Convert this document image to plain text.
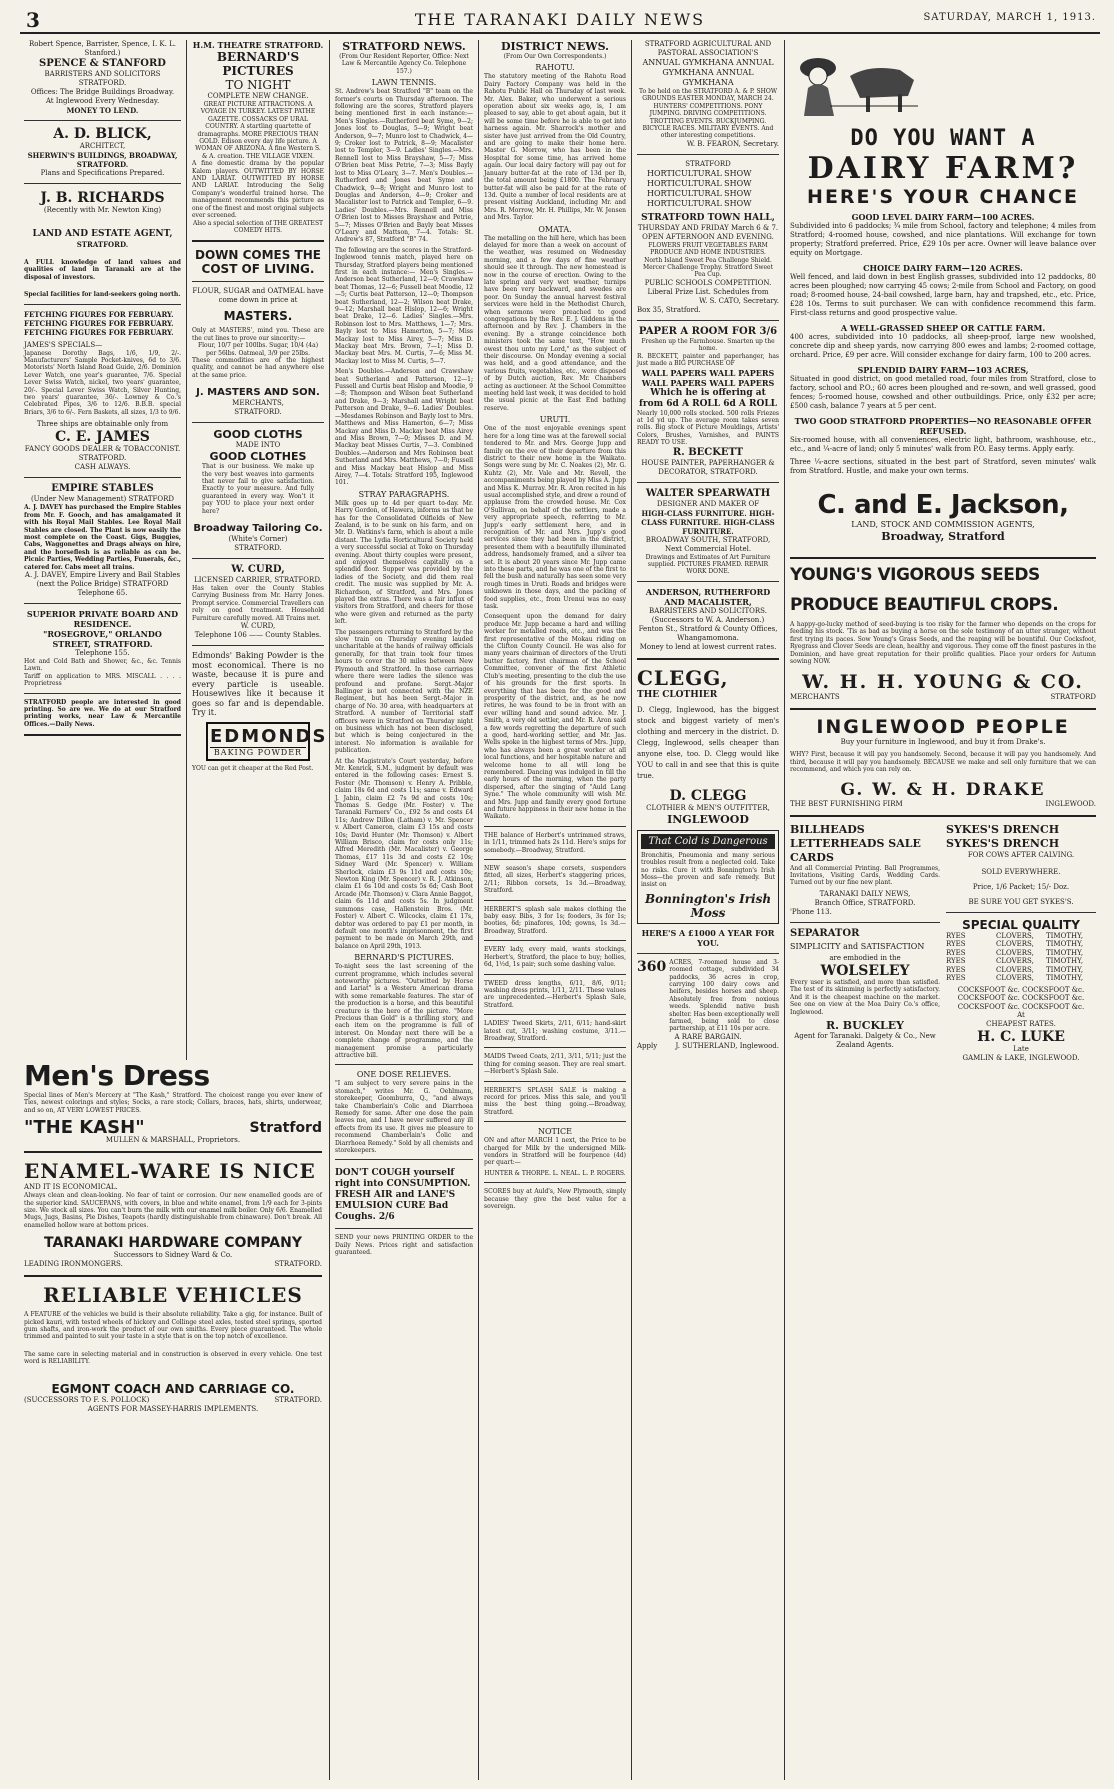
3	THE TARANAKI DAILY NEWS	SATURDAY, MARCH 1, 1913.
Robert Spence, Barrister, Spence, I. K. L. Stanford.)
SPENCE & STANFORD
BARRISTERS AND SOLICITORS
STRATFORD.
Offices: The Bridge Buildings Broadway.
At Inglewood Every Wednesday.
MONEY TO LEND.
A. D. BLICK,
ARCHITECT,
SHERWIN'S BUILDINGS, BROADWAY, STRATFORD.
Plans and Specifications Prepared.
J. B. RICHARDS
(Recently with Mr. Newton King)
LAND AND ESTATE AGENT,
STRATFORD.
A FULL knowledge of land values and qualities of land in Taranaki are at the disposal of investors.
Special facilities for land-seekers going north.
FETCHING FIGURES FOR FEBRUARY.
FETCHING FIGURES FOR FEBRUARY.
FETCHING FIGURES FOR FEBRUARY.
JAMES'S SPECIALS—
Japanese Dorothy Bags, 1/6, 1/9, 2/-. Manufacturers' Sample Pocket-knives, 6d to 3/6. Motorists' North Island Road Guide, 2/6. Dominion Lever Watch, one year's guarantee, 7/6. Special Lever Swiss Watch, nickel, two years' guarantee, 20/-. Special Lever Swiss Watch, Silver Hunting, two years' guarantee, 36/-. Lowney & Co.'s Celebrated Pipes, 3/6 to 12/6. B.B.B. special Briars, 3/6 to 6/-. Fern Baskets, all sizes, 1/3 to 9/6.
Three ships are obtainable only from
C. E. JAMES
FANCY GOODS DEALER & TOBACCONIST.
STRATFORD.
CASH ALWAYS.
EMPIRE STABLES
(Under New Management) STRATFORD
A. J. DAVEY has purchased the Empire Stables from Mr. F. Gooch, and has amalgamated it with his Royal Mail Stables. Lee Royal Mail Stables are closed. The Plant is now easily the most complete on the Coast. Gigs, Buggies, Cabs, Waggonettes and Drags always on hire, and the horseflesh is as reliable as can be. Picnic Parties, Wedding Parties, Funerals, &c., catered for. Cabs meet all trains.
A. J. DAVEY, Empire Livery and Bail Stables (next the Police Bridge) STRATFORD Telephone 65.
SUPERIOR PRIVATE BOARD AND RESIDENCE.
"ROSEGROVE," ORLANDO STREET, STRATFORD.
Telephone 155.
Hot and Cold Bath and Shower, &c., &c. Tennis Lawn.
Tariff on application to MRS. MISCALL . . . . Proprietress
STRATFORD people are interested in good printing. So are we. We do at our Stratford printing works, near Law & Mercantile Offices.—Daily News.
Men's Dress
Special lines of Men's Mercery at "The Kash," Stratford. The choicest range you ever knew of Ties, newest colorings and styles; Socks, a rare stock; Collars, braces, hats, shirts, underwear, and so on, AT VERY LOWEST PRICES.
"THE KASH"	Stratford
MULLEN & MARSHALL, Proprietors.
ENAMEL-WARE IS NICE
AND IT IS ECONOMICAL.
Always clean and clean-looking. No fear of taint or corrosion. Our new enamelled goods are of the superior kind. SAUCEPANS, with covers, in blue and white enamel, from 1/9 each for 3-pints size. We stock all sizes. You can't burn the milk with our enamel milk boiler. Only 6/6. Enamelled Mugs, Jugs, Basins, Pie Dishes, Teapots (hardly distinguishable from chinaware). Don't break. All enamelled hollow ware at bottom prices.
TARANAKI HARDWARE COMPANY
Successors to Sidney Ward & Co.
LEADING IRONMONGERS.	STRATFORD.
RELIABLE VEHICLES
A FEATURE of the vehicles we build is their absolute reliability. Take a gig, for instance. Built of picked kauri, with tested wheels of hickory and Collinge steel axles, tested steel springs, sported gum shafts, and iron-work the product of our own smiths. Every piece guaranteed. The whole trimmed and painted to suit your taste in a style that is on the top notch of excellence.
The same care in selecting material and in construction is observed in every vehicle. One test word is RELIABILITY.
EGMONT COACH AND CARRIAGE CO.
(SUCCESSORS TO F. S. POLLOCK)	STRATFORD.
AGENTS FOR MASSEY-HARRIS IMPLEMENTS.
H.M. THEATRE STRATFORD.
BERNARD'S PICTURES
TO NIGHT
COMPLETE NEW CHANGE.
GREAT PICTURE ATTRACTIONS. A VOYAGE IN TURKEY. LATEST PATHE GAZETTE. COSSACKS OF URAL COUNTRY. A startling quartette of dramagraphs. MORE PRECIOUS THAN GOLD. Edison every day life picture. A WOMAN OF ARIZONA. A fine Western S. & A. creation. THE VILLAGE VIXEN.
A fine domestic drama by the popular Kalem players. OUTWITTED BY HORSE AND LARIAT. OUTWITTED BY HORSE AND LARIAT. Introducing the Selig Company's wonderful trained horse. The management recommends this picture as one of the finest and most original subjects ever screened.
Also a special selection of THE GREATEST COMEDY HITS.
DOWN COMES THE COST OF LIVING.
FLOUR, SUGAR and OATMEAL have come down in price at
MASTERS.
Only at MASTERS', mind you. These are the cut lines to prove our sincerity:—
Flour, 10/7 per 100lbs. Sugar, 10/4 (4a) per 56lbs. Oatmeal, 3/9 per 25lbs.
These commodities are of the highest quality, and cannot be had anywhere else at the same price.
J. MASTERS AND SON.
MERCHANTS,
STRATFORD.
GOOD CLOTHS
MADE INTO
GOOD CLOTHES
That is our business. We make up the very best weaves into garments that never fail to give satisfaction. Exactly to your measure. And fully guaranteed in every way. Won't it pay YOU to place your next order here?
Broadway Tailoring Co.
(White's Corner)
STRATFORD.
W. CURD,
LICENSED CARRIER, STRATFORD.
Has taken over the County Stables Carrying Business from Mr. Harry Jones. Prompt service. Commercial Travellers can rely on good treatment. Household Furniture carefully moved. All Trains met.
W. CURD,
Telephone 106 —— County Stables.
Edmonds' Baking Powder is the most economical. There is no waste, because it is pure and every particle is useable. Housewives like it because it goes so far and is dependable. Try it.
EDMONDS
BAKING POWDER
YOU can get it cheaper at the Red Post.
STRATFORD NEWS.
(From Our Resident Reporter, Office: Next Law & Mercantile Agency Co. Telephone 157.)
LAWN TENNIS.
St. Andrew's beat Stratford "B" team on the former's courts on Thursday afternoon. The following are the scores, Stratford players being mentioned first in each instance:— Men's Singles.—Rutherford beat Syme, 9—2; Jones lost to Douglas, 5—9; Wright beat Anderson, 9—7; Munro lost to Chadwick, 4—9; Croker lost to Patrick, 8—9; Macalister lost to Templer, 3—9. Ladies' Singles.—Mrs. Rennell lost to Miss Brayshaw, 5—7; Miss O'Brien beat Miss Petrie, 7—3; Miss Bayly lost to Miss O'Leary, 3—7. Men's Doubles.—Rutherford and Jones beat Syme and Chadwick, 9—8; Wright and Munro lost to Douglas and Anderson, 4—9; Croker and Macalister lost to Patrick and Templer, 6—9. Ladies' Doubles.—Mrs. Rennell and Miss O'Brien lost to Misses Brayshaw and Petrie, 5—7; Misses O'Brien and Bayly beat Misses O'Leary and Mattson, 7—4. Totals: St. Andrew's 87, Stratford "B" 74.
The following are the scores in the Stratford-Inglewood tennis match, played here on Thursday, Stratford players being mentioned first in each instance:— Men's Singles.—Anderson beat Sutherland, 12—0; Crawshaw beat Thomas, 12—6; Fussell beat Moodie, 12—5; Curtis beat Patterson, 12—0; Thompson beat Sutherland, 12—2; Wilson beat Drake, 9—12; Marshall beat Hislop, 12—6; Wright beat Drake, 12—6. Ladies' Singles.—Mrs. Robinson lost to Mrs. Matthews, 1—7; Mrs. Bayly lost to Miss Hamerton, 5—7; Miss Mackay lost to Miss Airey, 5—7; Miss D. Mackay beat Mrs. Brown, 7—1; Miss D. Mackay beat Mrs. M. Curtis, 7—6; Miss M. Mackay lost to Miss M. Curtis, 5—7.
Men's Doubles.—Anderson and Crawshaw beat Sutherland and Patterson, 12—1; Fussell and Curtis beat Hislop and Moodie, 9—8; Thompson and Wilson beat Sutherland and Drake, 9—3; Marshall and Wright beat Patterson and Drake, 9—6. Ladies' Doubles.—Mesdames Robinson and Bayly lost to Mrs. Matthews and Miss Hamerton, 6—7; Miss Mackay and Miss D. Mackay beat Miss Airey and Miss Brown, 7—0; Misses D. and M. Mackay beat Misses Curtis, 7—3. Combined Doubles.—Anderson and Mrs Robinson beat Sutherland and Mrs. Matthews, 7—0; Fussell and Miss Mackay beat Hislop and Miss Airey, 7—4. Totals: Stratford 195, Inglewood 101.
STRAY PARAGRAPHS.
Milk goes up to 4d per quart to-day. Mr. Harry Gordon, of Hawera, informs us that he has for the Consolidated Oilfields of New Zealand, is to be sunk on his farm, and on Mr. D. Watkins's farm, which is about a mile distant. The Lydia Horticultural Society held a very successful social at Toko on Thursday evening. About thirty couples were present, and enjoyed themselves capitally on a splendid floor. Supper was provided by the ladies of the Society, and did them real credit. The music was supplied by Mr. A. Richardson, of Stratford, and Mrs. Jones played the extras. There was a fair influx of visitors from Stratford, and cheers for those who were given and returned as the party left.
The passengers returning to Stratford by the slow train on Thursday evening lauded uncharitable at the hands of railway officials generally, for that train took four times hours to cover the 30 miles between New Plymouth and Stratford. In those carriages where there were ladies the silence was profound and profane. Sergt.-Major Ballinger is not connected with the NZE Regiment, but has been Sergt.-Major in charge of No. 30 area, with headquarters at Stratford. A number of Territorial staff officers were in Stratford on Thursday night on business which has not been disclosed, but which is being conjectured in the interest. No information is available for publication.
At the Magistrate's Court yesterday, before Mr. Kenrick, S.M., judgment by default was entered in the following cases: Ernest S. Foster (Mr. Thomson) v. Henry A. Pribble, claim 18s 6d and costs 11s; same v. Edward J. Jabin, claim £2 7s 9d and costs 10s; Thomas S. Gedge (Mr. Foster) v. The Taranaki Farmers' Co., £92 5s and costs £4 11s; Andrew Dillon (Latham) v. Mr. Spencer v. Albert Cameron, claim £3 15s and costs 10s; David Hunter (Mr. Thomson) v. Albert William Brisco, claim for costs only 11s; Alfred Meredith (Mr. Macalister) v. George Thomas, £17 11s 3d and costs £2 10s; Sidney Ward (Mr. Spencer) v. William Sherlock, claim £3 9s 11d and costs 10s; Newton King (Mr. Spencer) v. R. J. Atkinson, claim £1 6s 10d and costs 5s 6d; Cash Boot Arcade (Mr. Thomson) v. Clara Annie Baggot, claim 6s 11d and costs 5s. In judgment summons case, Hallenstein Bros. (Mr. Foster) v. Albert C. Wilcocks, claim £1 17s, debtor was ordered to pay £1 per month, in default one month's imprisonment, the first payment to be made on March 29th, and balance on April 29th, 1913.
BERNARD'S PICTURES.
To-night sees the last screening of the current programme, which includes several noteworthy pictures. "Outwitted by Horse and Lariat" is a Western American drama with some remarkable features. The star of the production is a horse, and this beautiful creature is the hero of the picture. "More Precious than Gold" is a thrilling story, and each item on the programme is full of interest. On Monday next there will be a complete change of programme, and the management promise a particularly attractive bill.
ONE DOSE RELIEVES.
"I am subject to very severe pains in the stomach," writes Mr. G. Oehlmann, storekeeper, Goomburra, Q., "and always take Chamberlain's Colic and Diarrhoea Remedy for same. After one dose the pain leaves me, and I have never suffered any ill effects from its use. It gives me pleasure to recommend Chamberlain's Colic and Diarrhoea Remedy." Sold by all chemists and storekeepers.
DON'T COUGH yourself right into CONSUMPTION.
FRESH AIR and LANE'S EMULSION CURE Bad Coughs. 2/6
SEND your news PRINTING ORDER to the Daily News. Prices right and satisfaction guaranteed.
DISTRICT NEWS.
(From Our Own Correspondents.)
RAHOTU.
The statutory meeting of the Rahotu Road Dairy Factory Company was held in the Rahotu Public Hall on Thursday of last week. Mr. Alex. Baker, who underwent a serious operation about six weeks ago, is, I am pleased to say, able to get about again, but it will be some time before he is able to get into harness again. Mr. Sharrock's mother and sister have just arrived from the Old Country, and are going to make their home here. Master G. Morrow, who has been in the Hospital for some time, has arrived home again. Our local dairy factory will pay out for January butter-fat at the rate of 13d per lb, the total amount being £1800. The February butter-fat will also be paid for at the rate of 13d. Quite a number of local residents are at present visiting Auckland, including Mr. and Mrs. R. Morrow, Mr. H. Phillips, Mr. W. Jensen and Mrs. Taylor.
OMATA.
The metalling on the hill here, which has been delayed for more than a week on account of the weather, was resumed on Wednesday morning, and a few days of fine weather should see it through. The new homestead is now in the course of erection. Owing to the late spring and very wet weather, turnips have been very backward, and swedes are poor. On Sunday the annual harvest festival services were held in the Methodist Church, when sermons were preached to good congregations by the Rev. E. J. Giddens in the afternoon and by Rev. J. Chambers in the evening. By a strange coincidence both ministers took the same text, "How much owest thou unto my Lord," as the subject of their discourse. On Monday evening a social was held, and a good attendance, and the various fruits, vegetables, etc., were disposed of by Dutch auction, Rev. Mr. Chambers acting as auctioneer. At the School Committee meeting held last week, it was decided to hold the usual picnic at the East End bathing reserve.
URUTI.
One of the most enjoyable evenings spent here for a long time was at the farewell social tendered to Mr. and Mrs. George Jupp and family on the eve of their departure from this district to their new home in the Waikato. Songs were sung by Mr. C. Noakes (2), Mr. G. Kuhtz (2), Mr. Vale and Mr. Revell, the accompaniments being played by Miss A. Jupp and Miss K. Murray. Mr. R. Aron recited in his usual accomplished style, and drew a round of applause from the crowded house. Mr. Cox O'Sullivan, on behalf of the settlers, made a very appropriate speech, referring to Mr. Jupp's early settlement here, and in recognition of Mr. and Mrs. Jupp's good services since they had been in the district, presented them with a beautifully illuminated address, handsomely framed, and a silver tea set. It is about 20 years since Mr. Jupp came into these parts, and he was one of the first to fell the bush and naturally has seen some very rough times in Uruti. Roads and bridges were unknown in those days, and the packing of food supplies, etc., from Urenui was no easy task.
Consequent upon the demand for dairy produce Mr. Jupp became a hard and willing worker for metalled roads, etc., and was the first representative of the Mokau riding on the Clifton County Council. He was also for many years chairman of directors of the Uruti butter factory, first chairman of the School Committee, convener of the first Athletic Club's meeting, presenting to the club the use of his grounds for the first sports. In everything that has been for the good and prosperity of the district, and, as he now retires, he was found to be in front with an ever willing hand and sound advice. Mr. J. Smith, a very old settler, and Mr. R. Aron said a few words regretting the departure of such a good, hard-working settler, and Mr. Jas. Wells spoke in the highest terms of Mrs. Jupp, who has always been a great worker at all local functions, and her hospitable nature and welcome home to all will long be remembered. Dancing was indulged in till the early hours of the morning, when the party dispersed, after the singing of "Auld Lang Syne." The whole community will wish Mr. and Mrs. Jupp and family every good fortune and future happiness in their new home in the Waikato.
THE balance of Herbert's untrimmed straws, in 1/11, trimmed hats 2s 11d. Here's snips for somebody.—Broadway, Stratford.
NEW season's shape corsets, suspenders fitted, all sizes, Herbert's staggering prices, 2/11; Ribbon corsets, 1s 3d.—Broadway, Stratford.
HERBERT'S splash sale makes clothing the baby easy. Bibs, 3 for 1s; fooders, 3s for 1s; booties, 6d; pinafores, 10d; gowns, 1s 3d.—Broadway, Stratford.
EVERY lady, every maid, wants stockings, Herbert's, Stratford, the place to buy; hollies, 6d, 1½d, 1s pair; such some dashing value.
TWEED dress lengths, 6/11, 8/6, 9/11; washing dress prints, 1/11, 2/11. These values are unprecedented.—Herbert's Splash Sale, Stratford.
LADIES' Tweed Skirts, 2/11, 6/11; hand-skirt latest cut, 3/11; washing costume, 3/11.—Broadway, Stratford.
MAIDS Tweed Coats, 2/11, 3/11, 5/11; just the thing for coming season. They are real smart.—Herbert's Splash Sale.
HERBERT'S SPLASH SALE is making a record for prices. Miss this sale, and you'll miss the best thing going.—Broadway, Stratford.
NOTICE
ON and after MARCH 1 next, the Price to be charged for Milk by the undersigned Milk-vendors in Stratford will be fourpence (4d) per quart:—
HUNTER & THORPE. L. NEAL. L. P. ROGERS.
SCORES buy at Auld's, New Plymouth, simply because they give the best value for a sovereign.
STRATFORD AGRICULTURAL AND PASTORAL ASSOCIATION'S
ANNUAL GYMKHANA ANNUAL GYMKHANA ANNUAL GYMKHANA
To be held on the STRATFORD A. & P. SHOW GROUNDS EASTER MONDAY, MARCH 24.
HUNTERS' COMPETITIONS. PONY JUMPING. DRIVING COMPETITIONS. TROTTING EVENTS. BUCKJUMPING. BICYCLE RACES. MILITARY EVENTS. And other interesting competitions.
W. B. FEARON, Secretary.
STRATFORD
HORTICULTURAL SHOW HORTICULTURAL SHOW HORTICULTURAL SHOW HORTICULTURAL SHOW
STRATFORD TOWN HALL,
THURSDAY AND FRIDAY March 6 & 7.
OPEN AFTERNOON AND EVENING.
FLOWERS FRUIT VEGETABLES FARM PRODUCE AND HOME INDUSTRIES.
North Island Sweet Pea Challenge Shield. Mercer Challenge Trophy. Stratford Sweet Pea Cup.
PUBLIC SCHOOLS COMPETITION.
Liberal Prize List. Schedules from
W. S. CATO, Secretary.
Box 35, Stratford.
PAPER A ROOM FOR 3/6
Freshen up the Farmhouse. Smarten up the home.
R. BECKETT, painter and paperhanger, has just made a BIG PURCHASE OF
WALL PAPERS WALL PAPERS WALL PAPERS WALL PAPERS
Which he is offering at from 6d A ROLL 6d A ROLL
Nearly 10,000 rolls stocked. 500 rolls Friezes at 1d yd up. The average room takes seven rolls. Big stock of Picture Mouldings, Artists' Colors, Brushes, Varnishes, and PAINTS READY TO USE.
R. BECKETT
HOUSE PAINTER, PAPERHANGER & DECORATOR, STRATFORD.
WALTER SPEARWATH
DESIGNER AND MAKER OF
HIGH-CLASS FURNITURE. HIGH-CLASS FURNITURE. HIGH-CLASS FURNITURE.
BROADWAY SOUTH, STRATFORD, Next Commercial Hotel.
Drawings and Estimates of Art Furniture supplied. PICTURES FRAMED. REPAIR WORK DONE.
ANDERSON, RUTHERFORD AND MACALISTER,
BARRISTERS AND SOLICITORS. (Successors to W. A. Anderson.)
Fenton St., Stratford & County Offices, Whangamomona.
Money to lend at lowest current rates.
CLEGG,
THE CLOTHIER
D. Clegg, Inglewood, has the biggest stock and biggest variety of men's clothing and mercery in the district. D. Clegg, Inglewood, sells cheaper than anyone else, too. D. Clegg would like YOU to call in and see that this is quite true.
D. CLEGG
CLOTHIER & MEN'S OUTFITTER,
INGLEWOOD
That Cold is Dangerous
Bronchitis, Pneumonia and many serious troubles result from a neglected cold. Take no risks. Cure it with Bonnington's Irish Moss—the proven and safe remedy. But insist on
Bonnington's Irish Moss
HERE'S A £1000 A YEAR FOR YOU.
360 ACRES, 7-roomed house and 3-roomed cottage, subdivided 34 paddocks, 36 acres in crop, carrying 100 dairy cows and heifers, besides horses and sheep. Absolutely free from noxious weeds. Splendid native bush shelter. Has been exceptionally well farmed, being sold to close partnership, at £11 10s per acre.
A RARE BARGAIN.
Apply	J. SUTHERLAND, Inglewood.
DO YOU WANT A
DAIRY FARM?
HERE'S YOUR CHANCE
GOOD LEVEL DAIRY FARM—100 ACRES.
Subdivided into 6 paddocks; ¾ mile from School, factory and telephone; 4 miles from Stratford; 4-roomed house, cowshed, and nice plantations. Will exchange for town property; Stratford preferred. Price, £29 10s per acre. Owner will leave balance over equity on Mortgage.
CHOICE DAIRY FARM—120 ACRES.
Well fenced, and laid down in best English grasses, subdivided into 12 paddocks, 80 acres been ploughed; now carrying 45 cows; 2-mile from School and Factory, on good road; 8-roomed house, 24-bail cowshed, large barn, hay and trapshed, etc., etc. Price, £28 10s. Terms to suit purchaser. We can with confidence recommend this farm. First-class returns and good prospective value.
A WELL-GRASSED SHEEP OR CATTLE FARM.
400 acres, subdivided into 10 paddocks, all sheep-proof, large new woolshed, concrete dip and sheep yards, now carrying 800 ewes and lambs; 2-roomed cottage, orchard. Price, £9 per acre. Will consider exchange for dairy farm, 100 to 200 acres.
SPLENDID DAIRY FARM—103 ACRES,
Situated in good district, on good metalled road, four miles from Stratford, close to factory, school and P.O.; 60 acres been ploughed and re-sown, and well grassed, good fences; 5-roomed house, cowshed and other outbuildings. Price, only £32 per acre; £500 cash, balance 7 years at 5 per cent.
TWO GOOD STRATFORD PROPERTIES—NO REASONABLE OFFER REFUSED.
Six-roomed house, with all conveniences, electric light, bathroom, washhouse, etc., etc., and ¼-acre of land; only 5 minutes' walk from P.O. Easy terms. Apply early.
Three ¼-acre sections, situated in the best part of Stratford, seven minutes' walk from Stratford. Hustle, and make your own terms.
C. and E. Jackson,
LAND, STOCK AND COMMISSION AGENTS,
Broadway, Stratford
YOUNG'S VIGOROUS SEEDS
PRODUCE BEAUTIFUL CROPS.
A happy-go-lucky method of seed-buying is too risky for the farmer who depends on the crops for feeding his stock. 'Tis as bad as buying a horse on the sole testimony of an utter stranger, without first trying its paces. Sow Young's Grass Seeds, and the reaping will be bountiful. Our Cocksfoot, Ryegrass and Clover Seeds are clean, healthy and vigorous. They come off the finest pastures in the Dominion, and have great reputation for their prolific qualities. Place your orders for Autumn sowing NOW.
W. H. H. YOUNG & CO.
MERCHANTS	STRATFORD
INGLEWOOD PEOPLE
Buy your furniture in Inglewood, and buy it from Drake's.
WHY? First, because it will pay you handsomely. Second, because it will pay you handsomely. And third, because it will pay you handsomely. BECAUSE we make and sell only furniture that we can recommend, and which you can rely on.
G. W. & H. DRAKE
THE BEST FURNISHING FIRM	INGLEWOOD.
BILLHEADS LETTERHEADS SALE CARDS
And all Commercial Printing. Ball Programmes, Invitations, Visiting Cards, Wedding Cards. Turned out by our fine new plant.
TARANAKI DAILY NEWS,
Branch Office, STRATFORD.
'Phone 113.
SEPARATOR
SIMPLICITY and SATISFACTION
are embodied in the
WOLSELEY
Every user is satisfied, and more than satisfied. The test of its skimming is perfectly satisfactory. And it is the cheapest machine on the market. See one on view at the Moa Dairy Co.'s office, Inglewood.
R. BUCKLEY
Agent for Taranaki. Dalgety & Co., New Zealand Agents.
SYKES'S DRENCH SYKES'S DRENCH
FOR COWS AFTER CALVING.
SOLD EVERYWHERE.
Price, 1/6 Packet; 15/- Doz.
BE SURE YOU GET SYKES'S.
SPECIAL QUALITY
RYES	CLOVERS,	TIMOTHY,
RYES	CLOVERS,	TIMOTHY,
RYES	CLOVERS,	TIMOTHY,
RYES	CLOVERS,	TIMOTHY,
RYES	CLOVERS,	TIMOTHY,
RYES	CLOVERS,	TIMOTHY,
COCKSFOOT &c. COCKSFOOT &c. COCKSFOOT &c. COCKSFOOT &c. COCKSFOOT &c. COCKSFOOT &c.
At
CHEAPEST RATES.
H. C. LUKE
Late
GAMLIN & LAKE, INGLEWOOD.
